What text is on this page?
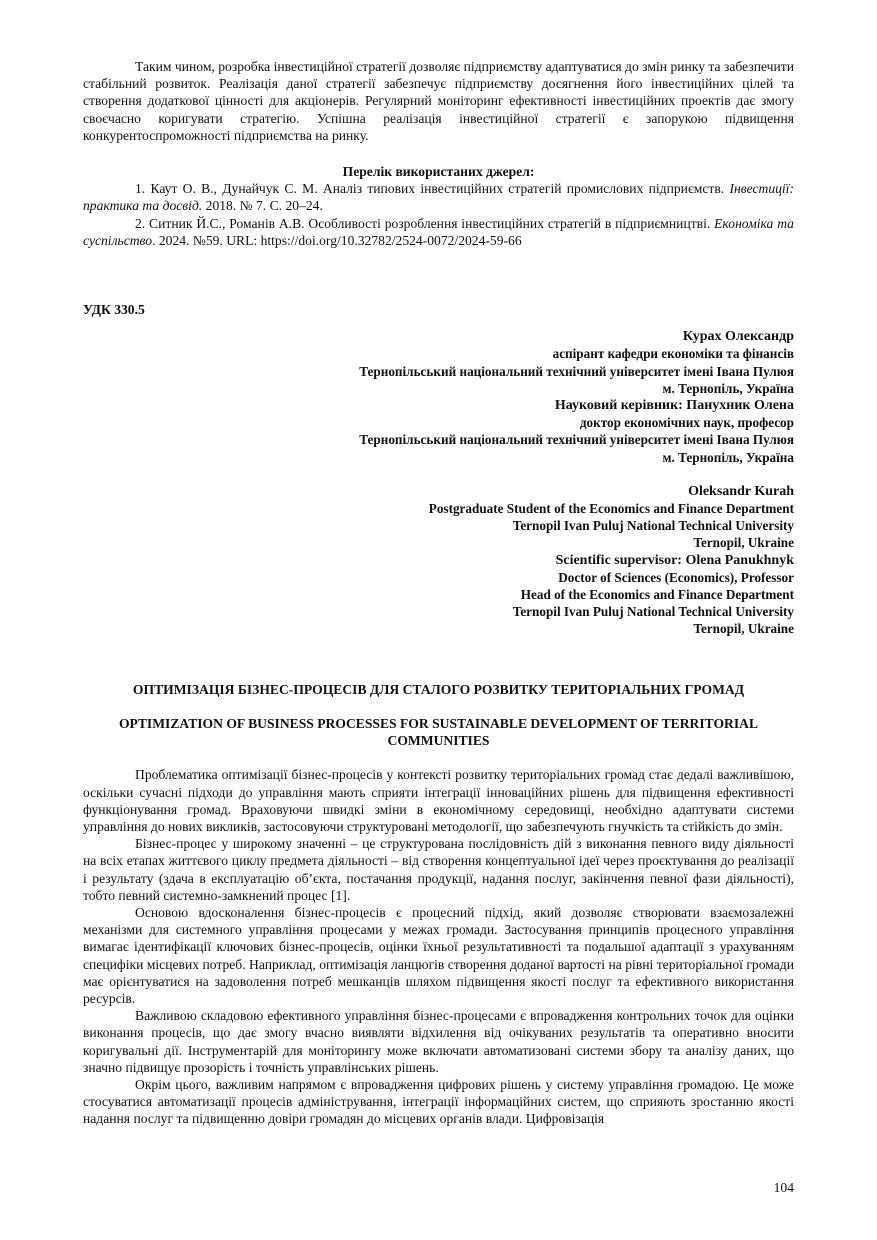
Таким чином, розробка інвестиційної стратегії дозволяє підприємству адаптуватися до змін ринку та забезпечити стабільний розвиток. Реалізація даної стратегії забезпечує підприємству досягнення його інвестиційних цілей та створення додаткової цінності для акціонерів. Регулярний моніторинг ефективності інвестиційних проектів дає змогу своєчасно коригувати стратегію. Успішна реалізація інвестиційної стратегії є запорукою підвищення конкурентоспроможності підприємства на ринку.

Перелік використаних джерел:

1. Каут О. В., Дунайчук С. М. Аналіз типових інвестиційних стратегій промислових підприємств. Інвестиції: практика та досвід. 2018. № 7. С. 20–24.

2. Ситник Й.С., Романів А.В. Особливості розроблення інвестиційних стратегій в підприємництві. Економіка та суспільство. 2024. №59. URL: https://doi.org/10.32782/2524-0072/2024-59-66

УДК 330.5

Курах Олександр
аспірант кафедри економіки та фінансів
Тернопільський національний технічний університет імені Івана Пулюя
м. Тернопіль, Україна
Науковий керівник: Панухник Олена
доктор економічних наук, професор
Тернопільський національний технічний університет імені Івана Пулюя
м. Тернопіль, Україна
Oleksandr Kurah
Postgraduate Student of the Economics and Finance Department
Ternopil Ivan Puluj National Technical University
Ternopil, Ukraine
Scientific supervisor: Olena Panukhnyk
Doctor of Sciences (Economics), Professor
Head of the Economics and Finance Department
Ternopil Ivan Puluj National Technical University
Ternopil, Ukraine

ОПТИМІЗАЦІЯ БІЗНЕС-ПРОЦЕСІВ ДЛЯ СТАЛОГО РОЗВИТКУ ТЕРИТОРІАЛЬНИХ ГРОМАД

OPTIMIZATION OF BUSINESS PROCESSES FOR SUSTAINABLE DEVELOPMENT OF TERRITORIAL COMMUNITIES

Проблематика оптимізації бізнес-процесів у контексті розвитку територіальних громад стає дедалі важливішою, оскільки сучасні підходи до управління мають сприяти інтеграції інноваційних рішень для підвищення ефективності функціонування громад. Враховуючи швидкі зміни в економічному середовищі, необхідно адаптувати системи управління до нових викликів, застосовуючи структуровані методології, що забезпечують гнучкість та стійкість до змін.

Бізнес-процес у широкому значенні – це структурована послідовність дій з виконання певного виду діяльності на всіх етапах життєвого циклу предмета діяльності – від створення концептуальної ідеї через проєктування до реалізації і результату (здача в експлуатацію об’єкта, постачання продукції, надання послуг, закінчення певної фази діяльності), тобто певний системно-замкнений процес [1].

Основою вдосконалення бізнес-процесів є процесний підхід, який дозволяє створювати взаємозалежні механізми для системного управління процесами у межах громади. Застосування принципів процесного управління вимагає ідентифікації ключових бізнес-процесів, оцінки їхньої результативності та подальшої адаптації з урахуванням специфіки місцевих потреб. Наприклад, оптимізація ланцюгів створення доданої вартості на рівні територіальної громади має орієнтуватися на задоволення потреб мешканців шляхом підвищення якості послуг та ефективного використання ресурсів.

Важливою складовою ефективного управління бізнес-процесами є впровадження контрольних точок для оцінки виконання процесів, що дає змогу вчасно виявляти відхилення від очікуваних результатів та оперативно вносити коригувальні дії. Інструментарій для моніторингу може включати автоматизовані системи збору та аналізу даних, що значно підвищує прозорість і точність управлінських рішень.

Окрім цього, важливим напрямом є впровадження цифрових рішень у систему управління громадою. Це може стосуватися автоматизації процесів адміністрування, інтеграції інформаційних систем, що сприяють зростанню якості надання послуг та підвищенню довіри громадян до місцевих органів влади. Цифровізація

104
